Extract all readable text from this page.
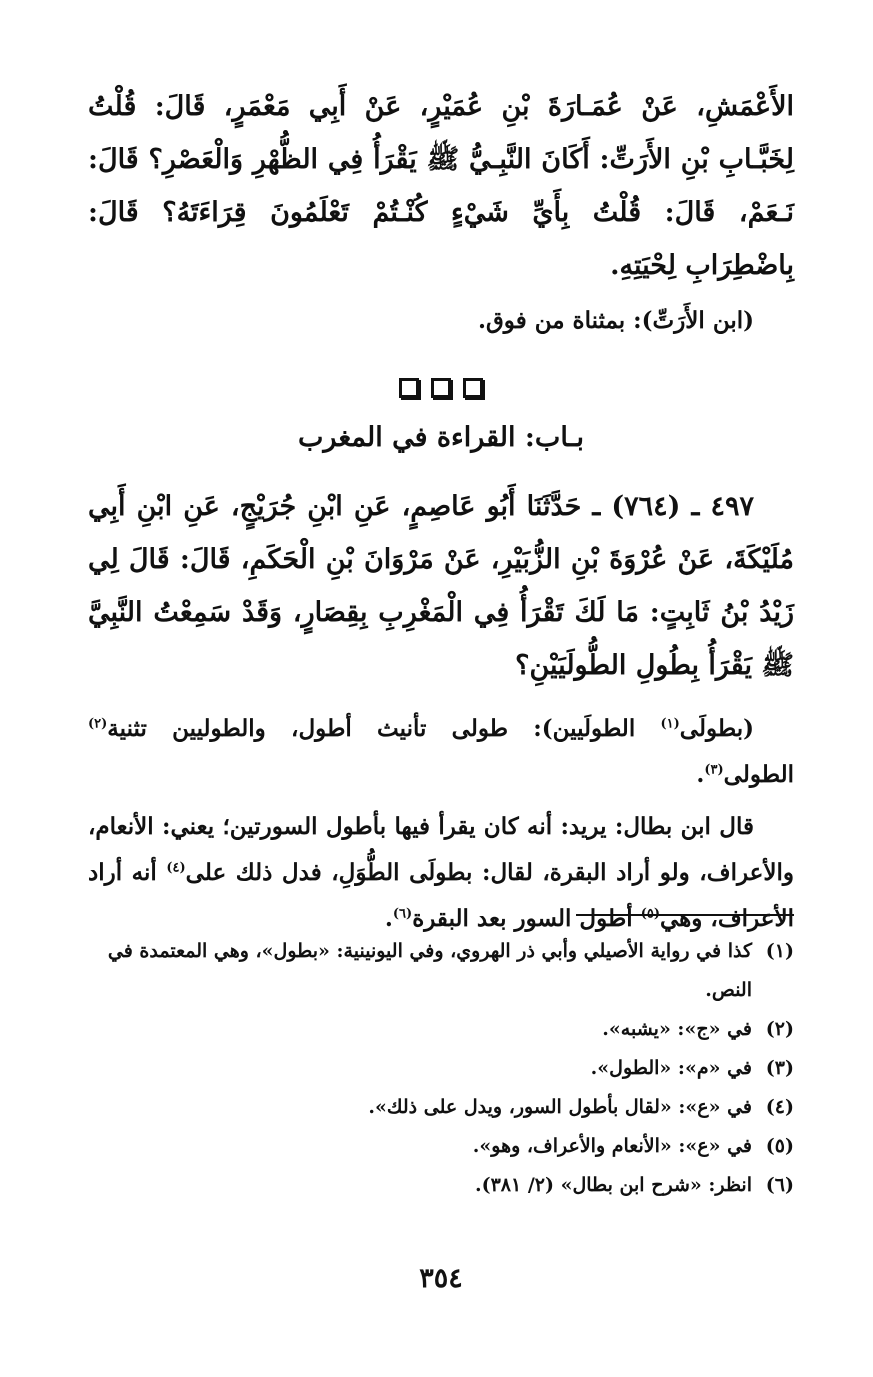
الأَعْمَشِ، عَنْ عُمَـارَةَ بْنِ عُمَيْرٍ، عَنْ أَبِي مَعْمَرٍ، قَالَ: قُلْتُ لِخَبَّـابِ بْنِ الأَرَتِّ: أَكَانَ النَّبِـيُّ ﷺ يَقْرَأُ فِي الظُّهْرِ وَالْعَصْرِ؟ قَالَ: نَـعَمْ، قَالَ: قُلْتُ بِأَيِّ شَيْءٍ كُنْـتُمْ تَعْلَمُونَ قِرَاءَتَهُ؟ قَالَ: بِاضْطِرَابِ لِحْيَتِهِ.

(ابن الأَرَتِّ): بمثناة من فوق.

بـاب: القراءة في المغرب

٤٩٧ ـ (٧٦٤) ـ حَدَّثَنَا أَبُو عَاصِمٍ، عَنِ ابْنِ جُرَيْجٍ، عَنِ ابْنِ أَبِي مُلَيْكَةَ، عَنْ عُرْوَةَ بْنِ الزُّبَيْرِ، عَنْ مَرْوَانَ بْنِ الْحَكَمِ، قَالَ: قَالَ لِي زَيْدُ بْنُ ثَابِتٍ: مَا لَكَ تَقْرَأُ فِي الْمَغْرِبِ بِقِصَارٍ، وَقَدْ سَمِعْتُ النَّبِيَّ ﷺ يَقْرَأُ بِطُولِ الطُّولَيَيْنِ؟

(بطولَى$^{(١)}$ الطولَيين): طولى تأنيث أطول، والطوليين تثنية$^{(٢)}$ الطولى$^{(٣)}$.

قال ابن بطال: يريد: أنه كان يقرأ فيها بأطول السورتين؛ يعني: الأنعام، والأعراف، ولو أراد البقرة، لقال: بطولَى الطُّوَلِ، فدل ذلك على$^{(٤)}$ أنه أراد الأعراف، وهي$^{(٥)}$ أطول السور بعد البقرة$^{(٦)}$.

(١)
كذا في رواية الأصيلي وأبي ذر الهروي، وفي اليونينية: «بطول»، وهي المعتمدة في النص.
(٢)
في «ج»: «يشبه».
(٣)
في «م»: «الطول».
(٤)
في «ع»: «لقال بأطول السور، ويدل على ذلك».
(٥)
في «ع»: «الأنعام والأعراف، وهو».
(٦)
انظر: «شرح ابن بطال» (٢/ ٣٨١).
٣٥٤
